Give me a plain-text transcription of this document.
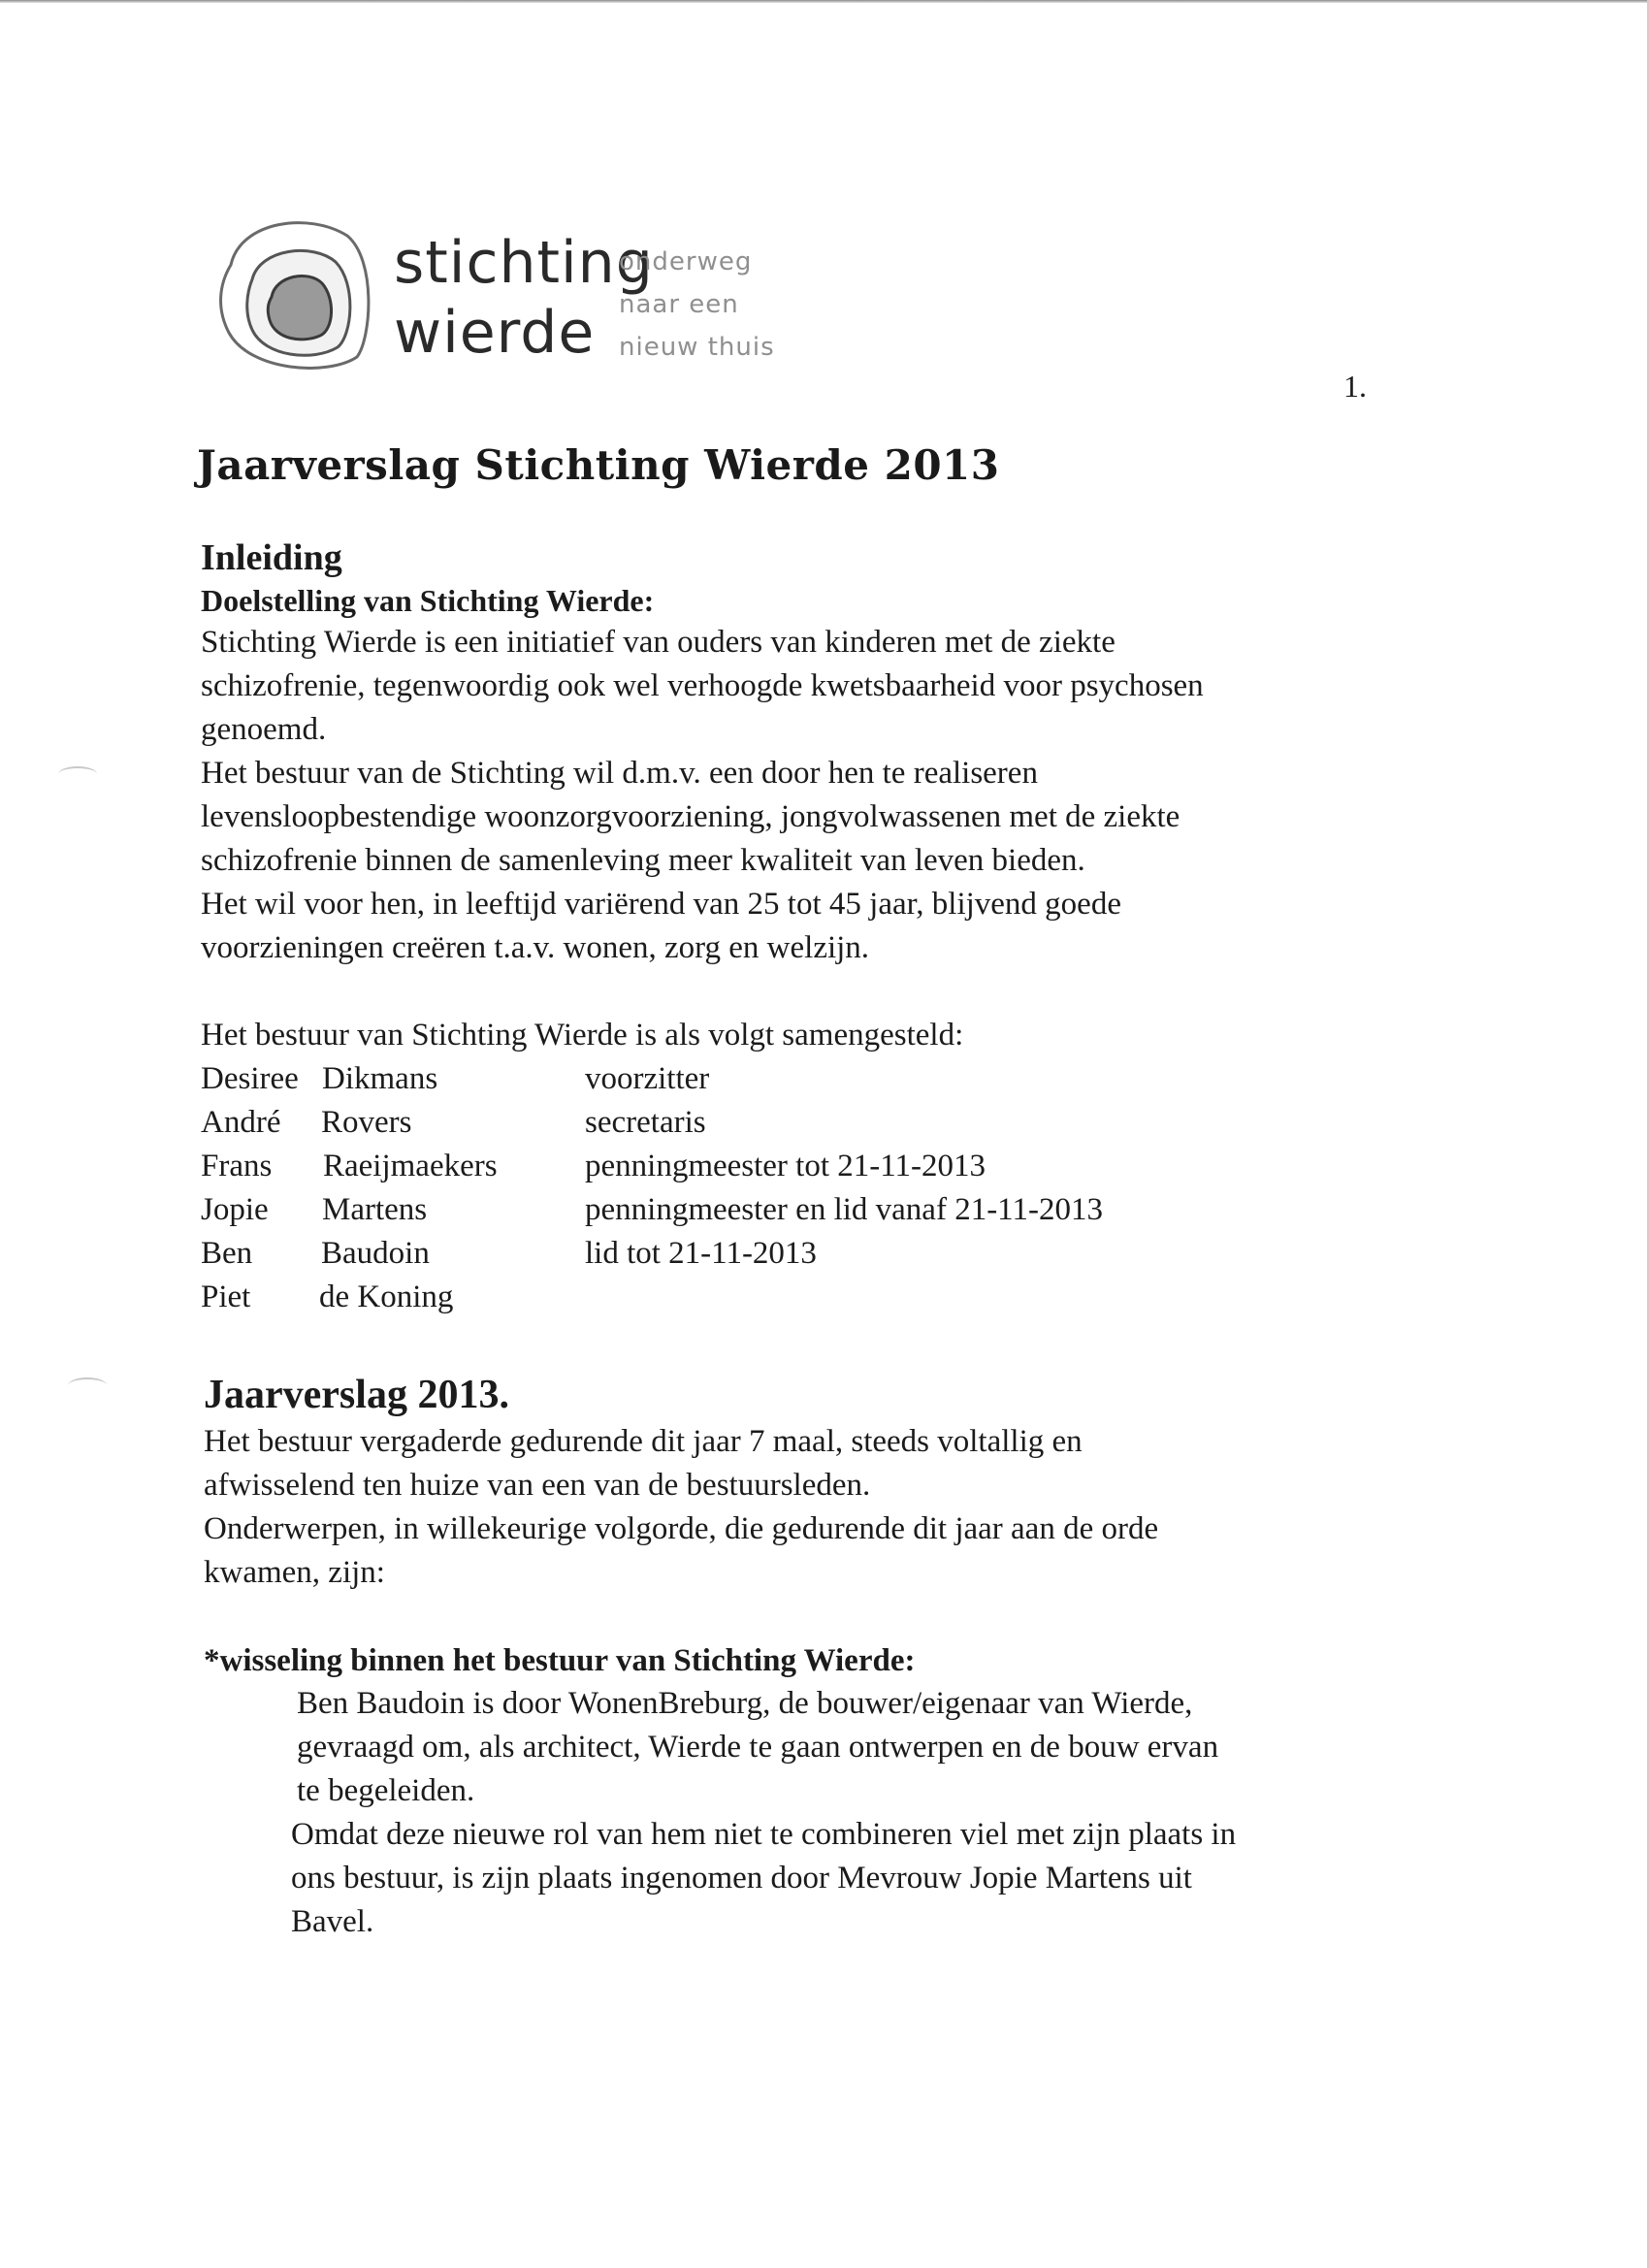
stichting
wierde
onderweg
naar een
nieuw thuis
1.
Jaarverslag Stichting Wierde 2013

Inleiding

Doelstelling van Stichting Wierde:

Stichting Wierde is een initiatief van ouders van kinderen met de ziekte

schizofrenie, tegenwoordig ook wel verhoogde kwetsbaarheid voor psychosen

genoemd.

Het bestuur van de Stichting wil d.m.v. een door hen te realiseren

levensloopbestendige woonzorgvoorziening, jongvolwassenen met de ziekte

schizofrenie binnen de samenleving meer kwaliteit van leven bieden.

Het wil voor hen, in leeftijd variërend van 25 tot 45 jaar, blijvend goede

voorzieningen creëren t.a.v. wonen, zorg en welzijn.

Het bestuur van Stichting Wierde is als volgt samengesteld:
Desiree Dikmans	voorzitter
André Rovers	secretaris
Frans Raeijmaekers	penningmeester tot 21-11-2013
Jopie Martens	penningmeester en lid vanaf 21-11-2013
Ben Baudoin	lid tot 21-11-2013
Piet de Koning

Jaarverslag 2013.

Het bestuur vergaderde gedurende dit jaar 7 maal, steeds voltallig en

afwisselend ten huize van een van de bestuursleden.

Onderwerpen, in willekeurige volgorde, die gedurende dit jaar aan de orde

kwamen, zijn:

*wisseling binnen het bestuur van Stichting Wierde:

Ben Baudoin is door WonenBreburg, de bouwer/eigenaar van Wierde,

gevraagd om, als architect, Wierde te gaan ontwerpen en de bouw ervan

te begeleiden.

Omdat deze nieuwe rol van hem niet te combineren viel met zijn plaats in

ons bestuur, is zijn plaats ingenomen door Mevrouw Jopie Martens uit

Bavel.
